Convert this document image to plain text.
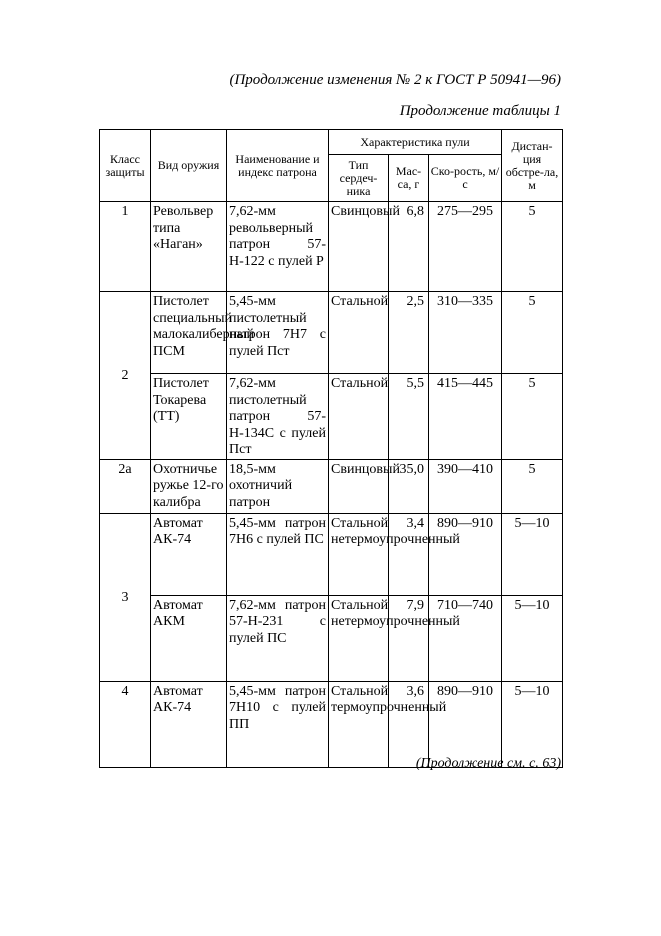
(Продолжение изменения № 2 к ГОСТ Р 50941—96)
Продолжение таблицы 1
Класс защиты	Вид оружия	Наименование и индекс патрона	Характеристика пули			Дистан-ция обстре-ла, м
			Тип сердеч-ника	Мас-са, г	Ско-рость, м/с	
1	Револьвер типа «Наган»	7,62-мм револьверный патрон 57-Н-122 с пулей Р	Свинцовый	6,8	275—295	5
2	Пистолет специальный малокалиберный ПСМ	5,45-мм пистолетный патрон 7Н7 с пулей Пст	Стальной	2,5	310—335	5
	Пистолет Токарева (ТТ)	7,62-мм пистолетный патрон 57-Н-134С с пулей Пст	Стальной	5,5	415—445	5
2а	Охотничье ружье 12-го калибра	18,5-мм охотничий патрон	Свинцовый	35,0	390—410	5
3	Автомат АК-74	5,45-мм патрон 7Н6 с пулей ПС	Стальной нетермоупрочненный	3,4	890—910	5—10
	Автомат АКМ	7,62-мм патрон 57-Н-231 с пулей ПС	Стальной нетермоупрочненный	7,9	710—740	5—10
4	Автомат АК-74	5,45-мм патрон 7Н10 с пулей ПП	Стальной термоупрочненный	3,6	890—910	5—10
(Продолжение см. с. 63)
